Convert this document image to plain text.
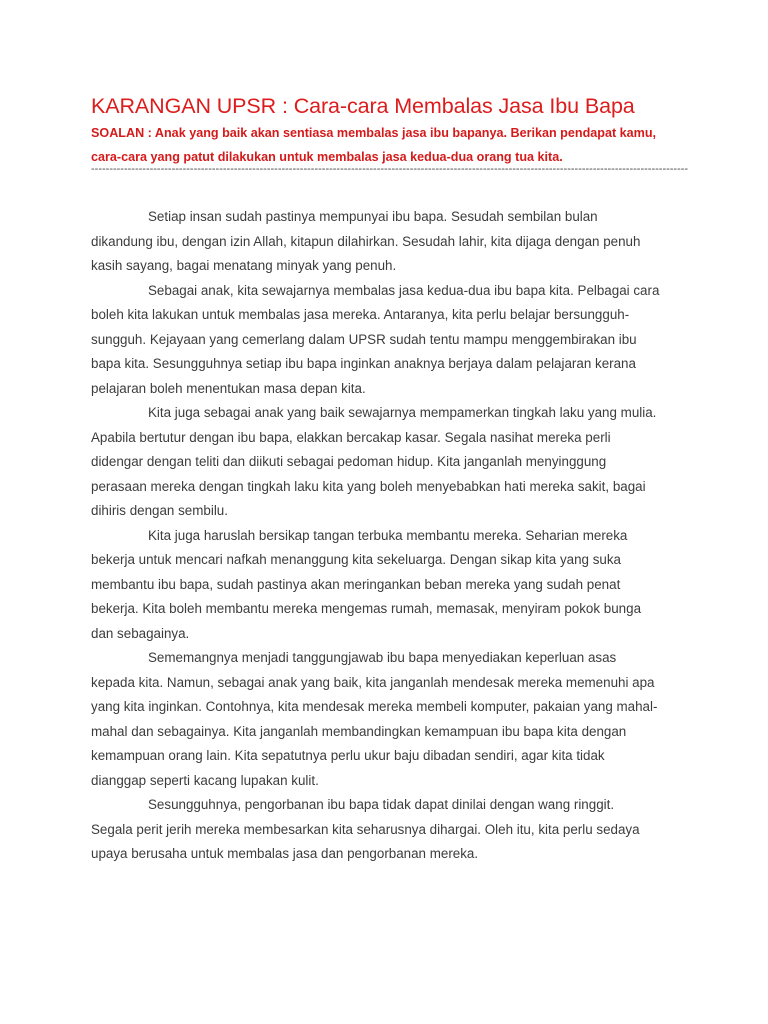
KARANGAN UPSR : Cara-cara Membalas Jasa Ibu Bapa
SOALAN : Anak yang baik akan sentiasa membalas jasa ibu bapanya. Berikan pendapat kamu,
cara-cara yang patut dilakukan untuk membalas jasa kedua-dua orang tua kita.
-------------------------------------------------------------------------------------------------------------------------------------------------------------------
Setiap insan sudah pastinya mempunyai ibu bapa. Sesudah sembilan bulan
dikandung ibu, dengan izin Allah, kitapun dilahirkan. Sesudah lahir, kita dijaga dengan penuh
kasih sayang, bagai menatang minyak yang penuh.
Sebagai anak, kita sewajarnya membalas jasa kedua-dua ibu bapa kita. Pelbagai cara
boleh kita lakukan untuk membalas jasa mereka. Antaranya, kita perlu belajar bersungguh-
sungguh. Kejayaan yang cemerlang dalam UPSR sudah tentu mampu menggembirakan ibu
bapa kita. Sesungguhnya setiap ibu bapa inginkan anaknya berjaya dalam pelajaran kerana
pelajaran boleh menentukan masa depan kita.
Kita juga sebagai anak yang baik sewajarnya mempamerkan tingkah laku yang mulia.
Apabila bertutur dengan ibu bapa, elakkan bercakap kasar. Segala nasihat mereka perli
didengar dengan teliti dan diikuti sebagai pedoman hidup. Kita janganlah menyinggung
perasaan mereka dengan tingkah laku kita yang boleh menyebabkan hati mereka sakit, bagai
dihiris dengan sembilu.
Kita juga haruslah bersikap tangan terbuka membantu mereka. Seharian mereka
bekerja untuk mencari nafkah menanggung kita sekeluarga. Dengan sikap kita yang suka
membantu ibu bapa, sudah pastinya akan meringankan beban mereka yang sudah penat
bekerja. Kita boleh membantu mereka mengemas rumah, memasak, menyiram pokok bunga
dan sebagainya.
Sememangnya menjadi tanggungjawab ibu bapa menyediakan keperluan asas
kepada kita. Namun, sebagai anak yang baik, kita janganlah mendesak mereka memenuhi apa
yang kita inginkan. Contohnya, kita mendesak mereka membeli komputer, pakaian yang mahal-
mahal dan sebagainya. Kita janganlah membandingkan kemampuan ibu bapa kita dengan
kemampuan orang lain. Kita sepatutnya perlu ukur baju dibadan sendiri, agar kita tidak
dianggap seperti kacang lupakan kulit.
Sesungguhnya, pengorbanan ibu bapa tidak dapat dinilai dengan wang ringgit.
Segala perit jerih mereka membesarkan kita seharusnya dihargai. Oleh itu, kita perlu sedaya
upaya berusaha untuk membalas jasa dan pengorbanan mereka.
